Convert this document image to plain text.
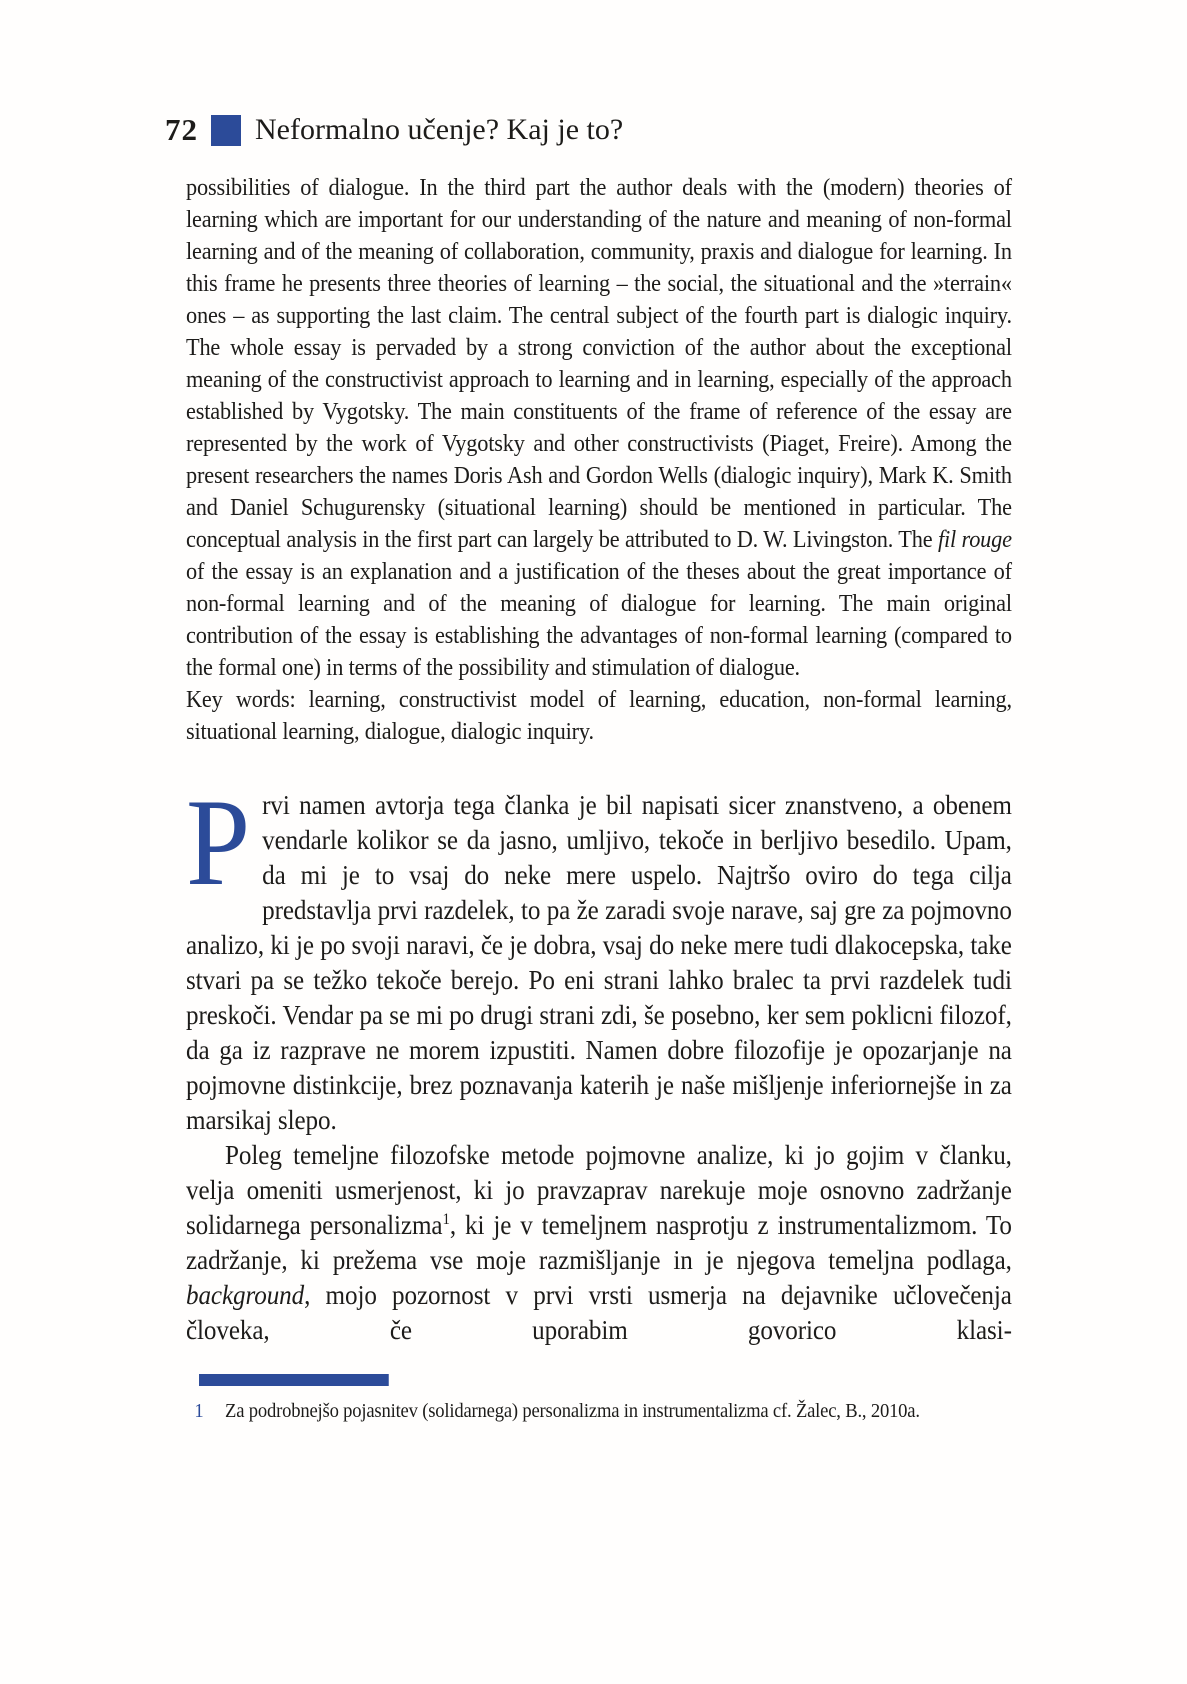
72 Neformalno učenje? Kaj je to?

possibilities of dialogue. In the third part the author deals with the (modern) theories of learning which are important for our understanding of the nature and meaning of non-formal learning and of the meaning of collaboration, community, praxis and dialogue for learning. In this frame he presents three theories of learning – the social, the situational and the »terrain« ones – as supporting the last claim. The central subject of the fourth part is dialogic inquiry. The whole essay is pervaded by a strong conviction of the author about the exceptional meaning of the constructivist approach to learning and in learning, especially of the approach established by Vygotsky. The main constituents of the frame of reference of the essay are represented by the work of Vygotsky and other constructivists (Piaget, Freire). Among the present researchers the names Doris Ash and Gordon Wells (dialogic inquiry), Mark K. Smith and Daniel Schugurensky (situational learning) should be mentioned in particular. The conceptual analysis in the first part can largely be attributed to D. W. Livingston. The fil rouge of the essay is an explanation and a justification of the theses about the great importance of non-formal learning and of the meaning of dialogue for learning. The main original contribution of the essay is establishing the advantages of non-formal learning (compared to the formal one) in terms of the possibility and stimulation of dialogue.

Key words: learning, constructivist model of learning, education, non-formal learning, situational learning, dialogue, dialogic inquiry.

Prvi namen avtorja tega članka je bil napisati sicer znanstveno, a obenem vendarle kolikor se da jasno, umljivo, tekoče in berljivo besedilo. Upam, da mi je to vsaj do neke mere uspelo. Najtršo oviro do tega cilja predstavlja prvi razdelek, to pa že zaradi svoje narave, saj gre za pojmovno analizo, ki je po svoji naravi, če je dobra, vsaj do neke mere tudi dlakocepska, take stvari pa se težko tekoče berejo. Po eni strani lahko bralec ta prvi razdelek tudi preskoči. Vendar pa se mi po drugi strani zdi, še posebno, ker sem poklicni filozof, da ga iz razprave ne morem izpustiti. Namen dobre filozofije je opozarjanje na pojmovne distinkcije, brez poznavanja katerih je naše mišljenje inferiornejše in za marsikaj slepo.

Poleg temeljne filozofske metode pojmovne analize, ki jo gojim v članku, velja omeniti usmerjenost, ki jo pravzaprav narekuje moje osnovno zadržanje solidarnega personalizma$^1$, ki je v temeljnem nasprotju z instrumentalizmom. To zadržanje, ki prežema vse moje razmišljanje in je njegova temeljna podlaga, background, mojo pozornost v prvi vrsti usmerja na dejavnike učlovečenja človeka, če uporabim govorico klasi-

1 Za podrobnejšo pojasnitev (solidarnega) personalizma in instrumentalizma cf. Žalec, B., 2010a.
